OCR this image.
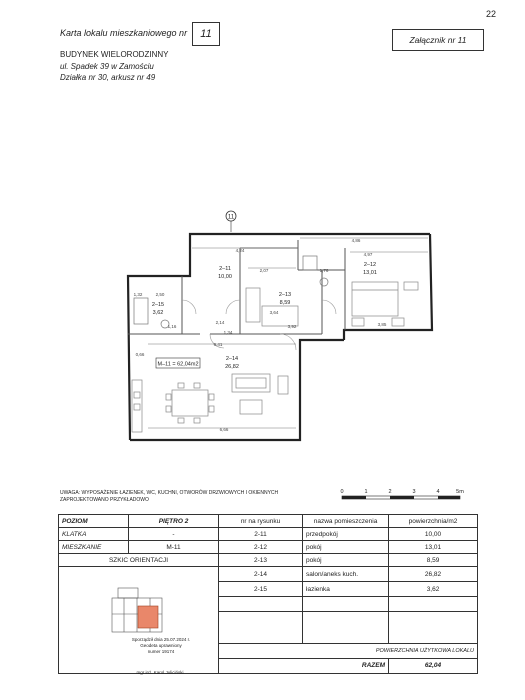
22
Karta lokalu mieszkaniowego nr	11	Załącznik nr 11
BUDYNEK WIELORODZINNY
ul. Spadek 39 w Zamościu
Działka nr 30, arkusz nr 49
11
2–11
10,00
2–12
13,01
2–13
8,59
2–14
26,82
2–15
3,62
M–11 = 62,04m2
4,24
4,86
4,97
2,07	1,76
1,32	2,50
2,14
1,34
1,16
3,64
3,92	3,85
6,41
6,66
0,66
UWAGA: WYPOSAŻENIE ŁAZIENEK, WC, KUCHNI, OTWORÓW DRZWIOWYCH I OKIENNYCH ZAPROJEKTOWANO PRZYKŁADOWO
0	1	2	3	4	5m
POZIOM	PIĘTRO 2	nr na rysunku	nazwa pomieszczenia	powierzchnia/m2
KLATKA	-	2-11	przedpokój	10,00
MIESZKANIE	M-11	2-12	pokój	13,01
SZKIC ORIENTACJI		2-13	pokój	8,59
		2-14	salon/aneks kuch.	26,82
		2-15	łazienka	3,62

		POWIERZCHNIA UŻYTKOWA LOKALU		
		RAZEM		62,04
Sporządził dnia 25.07.2024 r.
Geodeta uprawniony
numer 19174
mgr inż. Karol Juliciński
